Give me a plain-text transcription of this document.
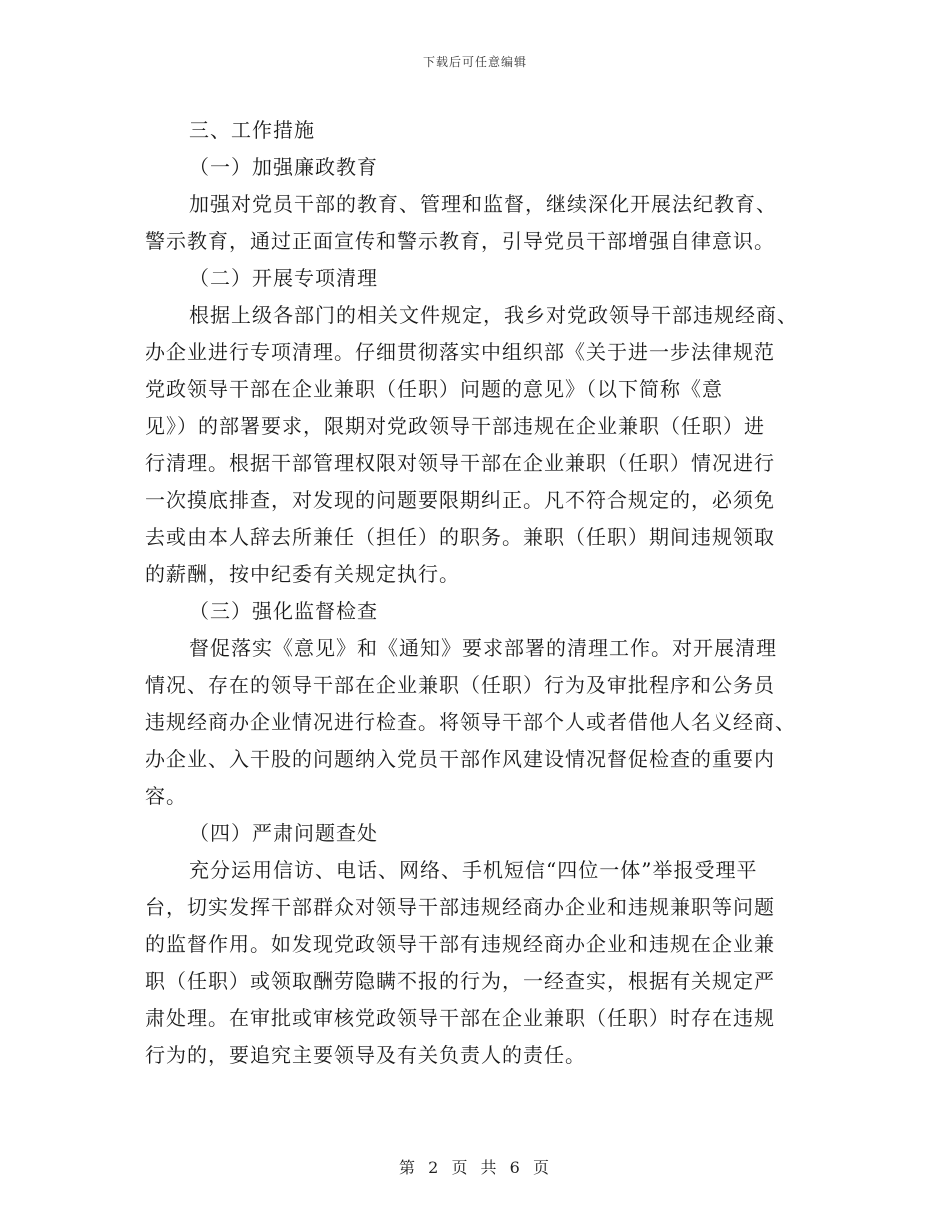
下载后可任意编辑
三、工作措施
（一）加强廉政教育
加强对党员干部的教育、管理和监督，继续深化开展法纪教育、
警示教育，通过正面宣传和警示教育，引导党员干部增强自律意识。
（二）开展专项清理
根据上级各部门的相关文件规定，我乡对党政领导干部违规经商、
办企业进行专项清理。仔细贯彻落实中组织部《关于进一步法律规范
党政领导干部在企业兼职（任职）问题的意见》（以下简称《意
见》）的部署要求，限期对党政领导干部违规在企业兼职（任职）进
行清理。根据干部管理权限对领导干部在企业兼职（任职）情况进行
一次摸底排查，对发现的问题要限期纠正。凡不符合规定的，必须免
去或由本人辞去所兼任（担任）的职务。兼职（任职）期间违规领取
的薪酬，按中纪委有关规定执行。
（三）强化监督检查
督促落实《意见》和《通知》要求部署的清理工作。对开展清理
情况、存在的领导干部在企业兼职（任职）行为及审批程序和公务员
违规经商办企业情况进行检查。将领导干部个人或者借他人名义经商、
办企业、入干股的问题纳入党员干部作风建设情况督促检查的重要内
容。
（四）严肃问题查处
充分运用信访、电话、网络、手机短信“四位一体”举报受理平
台，切实发挥干部群众对领导干部违规经商办企业和违规兼职等问题
的监督作用。如发现党政领导干部有违规经商办企业和违规在企业兼
职（任职）或领取酬劳隐瞒不报的行为，一经查实，根据有关规定严
肃处理。在审批或审核党政领导干部在企业兼职（任职）时存在违规
行为的，要追究主要领导及有关负责人的责任。
第 2 页 共 6 页
